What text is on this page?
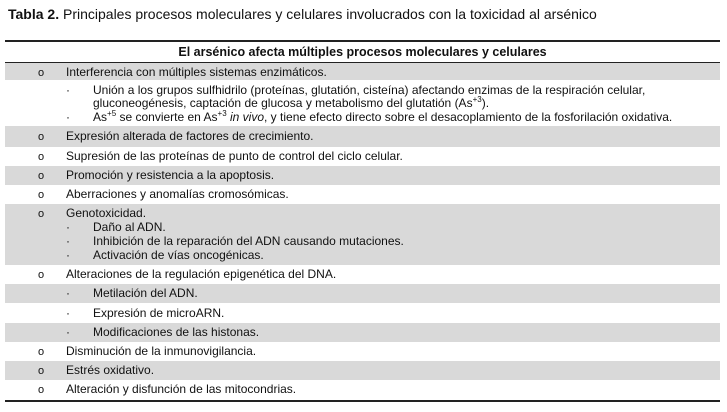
Tabla 2. Principales procesos moleculares y celulares involucrados con la toxicidad al arsénico
El arsénico afecta múltiples procesos moleculares y celulares
o Interferencia con múltiples sistemas enzimáticos.
· Unión a los grupos sulfhidrilo (proteínas, glutatión, cisteína) afectando enzimas de la respiración celular,
gluconeogénesis, captación de glucosa y metabolismo del glutatión $(As^{+3})$.
· $As^{+5}$ se convierte en $As^{+3}$ in vivo, y tiene efecto directo sobre el desacoplamiento de la fosforilación oxidativa.
o Expresión alterada de factores de crecimiento.
o Supresión de las proteínas de punto de control del ciclo celular.
o Promoción y resistencia a la apoptosis.
o Aberraciones y anomalías cromosómicas.
o Genotoxicidad.
· Daño al ADN.
· Inhibición de la reparación del ADN causando mutaciones.
· Activación de vías oncogénicas.
o Alteraciones de la regulación epigenética del DNA.
· Metilación del ADN.
· Expresión de microARN.
· Modificaciones de las histonas.
o Disminución de la inmunovigilancia.
o Estrés oxidativo.
o Alteración y disfunción de las mitocondrias.
